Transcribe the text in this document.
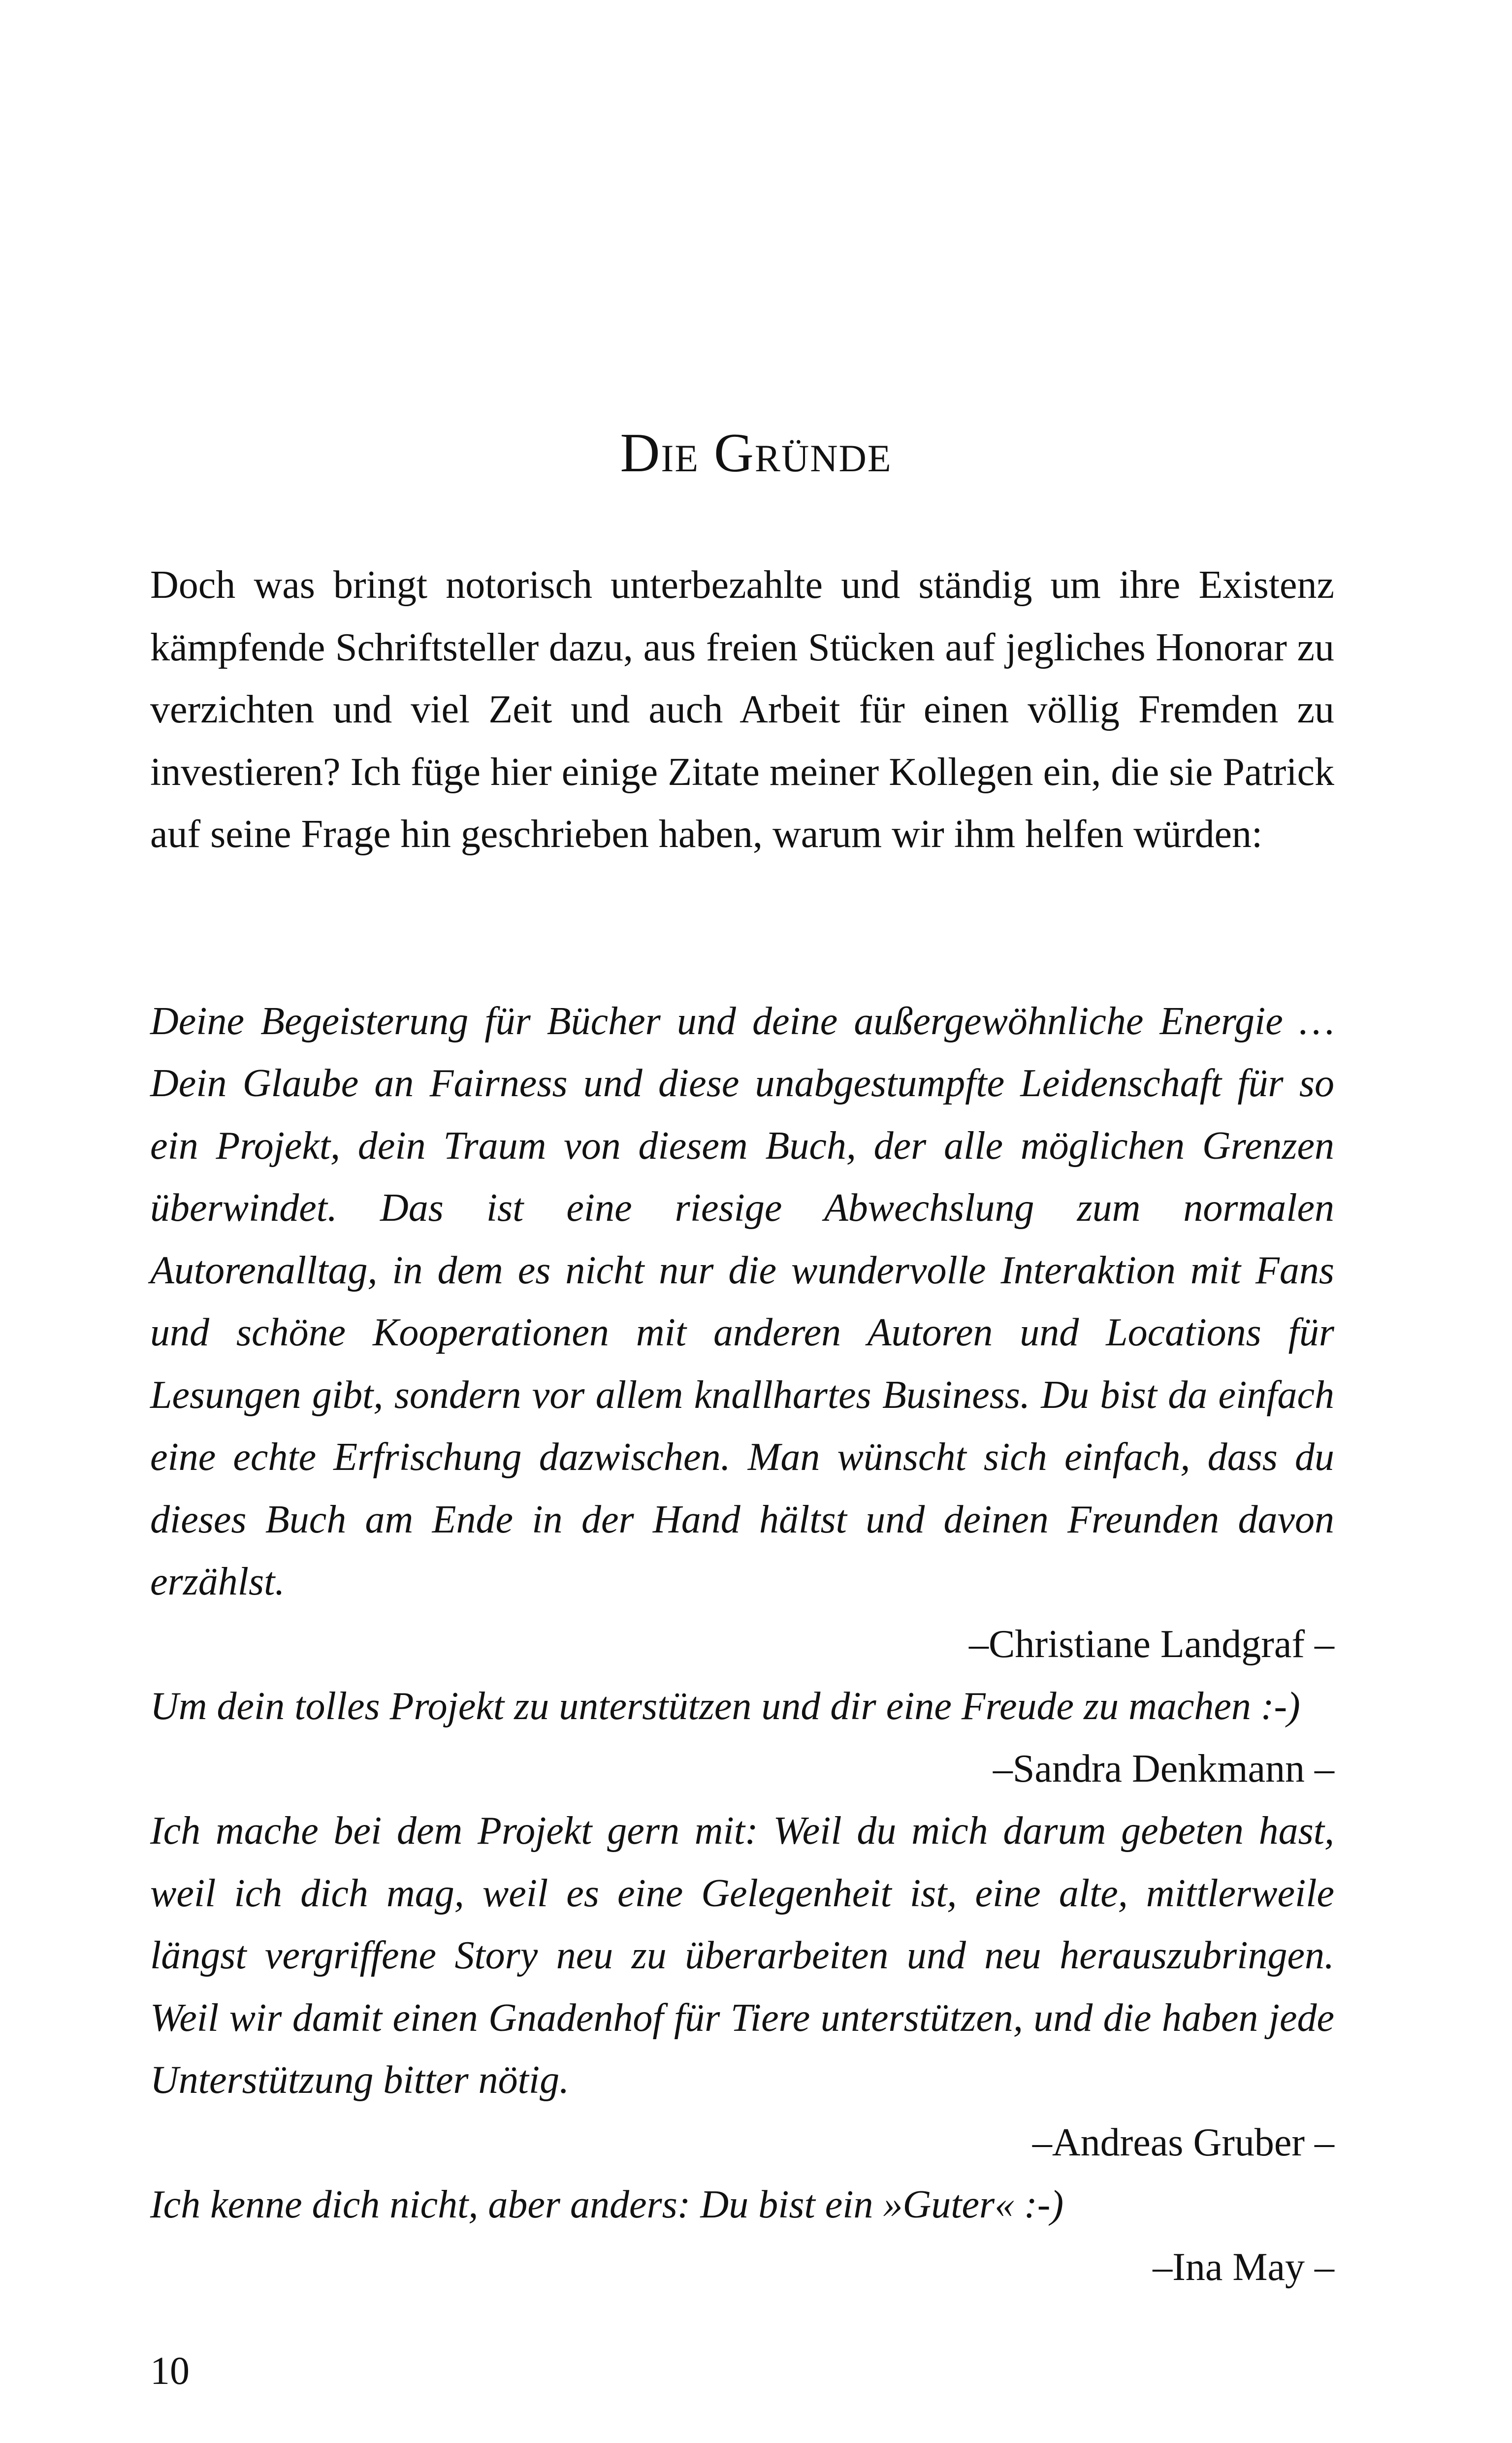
Die Gründe

Doch was bringt notorisch unterbezahlte und ständig um ihre Existenz kämpfende Schriftsteller dazu, aus freien Stücken auf jegliches Honorar zu verzichten und viel Zeit und auch Arbeit für einen völlig Fremden zu investieren? Ich füge hier einige Zitate meiner Kollegen ein, die sie Patrick auf seine Frage hin geschrieben haben, warum wir ihm helfen würden:

Deine Begeisterung für Bücher und deine außergewöhnliche Energie … Dein Glaube an Fairness und diese unabgestumpfte Leidenschaft für so ein Projekt, dein Traum von diesem Buch, der alle möglichen Grenzen überwindet. Das ist eine riesige Abwechslung zum normalen Autorenalltag, in dem es nicht nur die wundervolle Interaktion mit Fans und schöne Kooperationen mit anderen Autoren und Locations für Lesungen gibt, sondern vor allem knallhartes Business. Du bist da einfach eine echte Erfrischung dazwischen. Man wünscht sich einfach, dass du dieses Buch am Ende in der Hand hältst und deinen Freunden davon erzählst.

–Christiane Landgraf –

Um dein tolles Projekt zu unterstützen und dir eine Freude zu machen :-)

–Sandra Denkmann –

Ich mache bei dem Projekt gern mit: Weil du mich darum gebeten hast, weil ich dich mag, weil es eine Gelegenheit ist, eine alte, mittlerweile längst vergriffene Story neu zu überarbeiten und neu herauszubringen. Weil wir damit einen Gnadenhof für Tiere unterstützen, und die haben jede Unterstützung bitter nötig.

–Andreas Gruber –

Ich kenne dich nicht, aber anders: Du bist ein »Guter« :-)

–Ina May –

10
